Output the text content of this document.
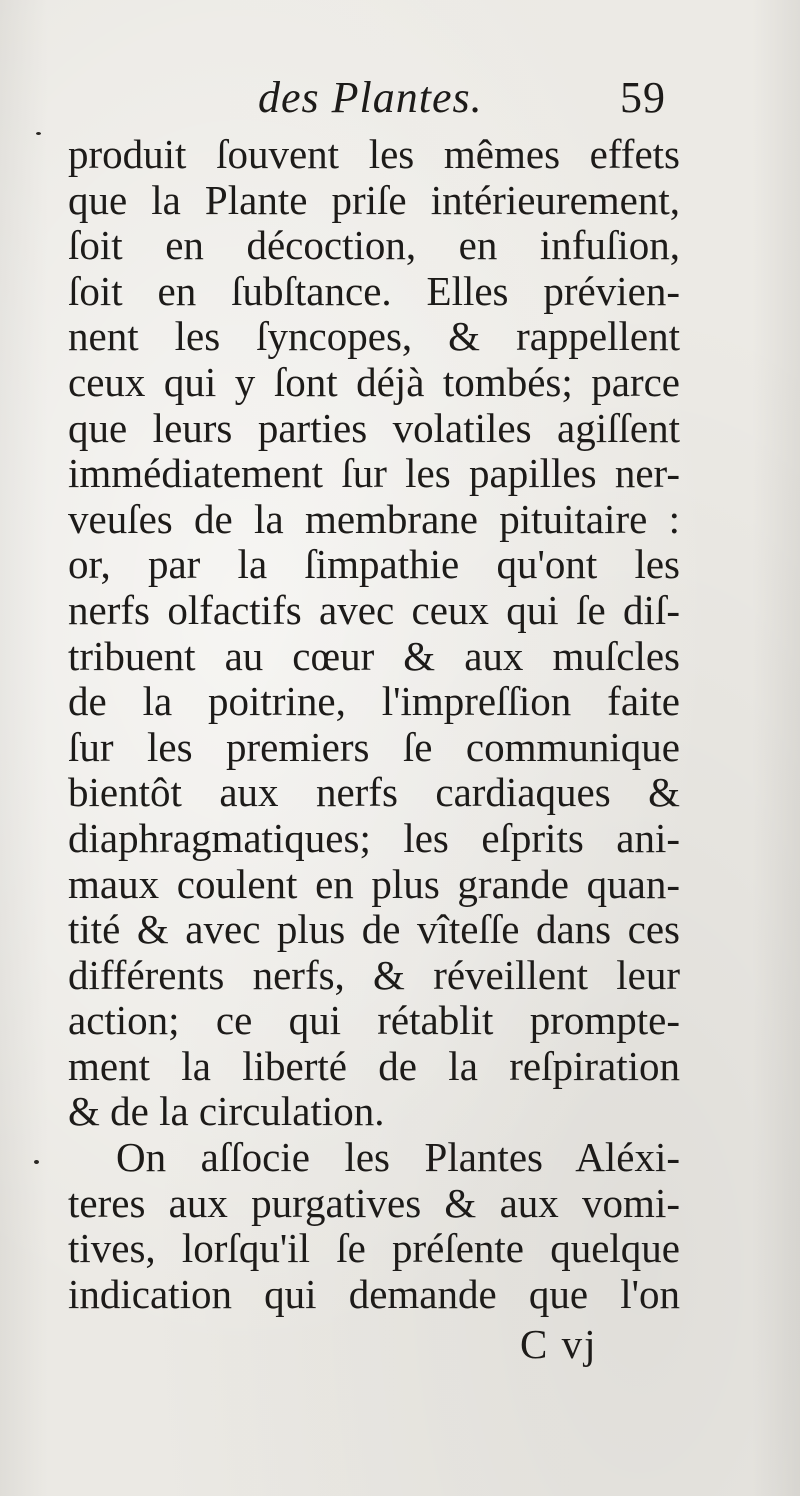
des Plantes.	59
produit ſouvent les mêmes effets
que la Plante priſe intérieurement,
ſoit en décoction, en infuſion,
ſoit en ſubſtance. Elles prévien-
nent les ſyncopes, & rappellent
ceux qui y ſont déjà tombés; parce
que leurs parties volatiles agiſſent
immédiatement ſur les papilles ner-
veuſes de la membrane pituitaire :
or, par la ſimpathie qu'ont les
nerfs olfactifs avec ceux qui ſe diſ-
tribuent au cœur & aux muſcles
de la poitrine, l'impreſſion faite
ſur les premiers ſe communique
bientôt aux nerfs cardiaques &
diaphragmatiques; les eſprits ani-
maux coulent en plus grande quan-
tité & avec plus de vîteſſe dans ces
différents nerfs, & réveillent leur
action; ce qui rétablit prompte-
ment la liberté de la reſpiration
& de la circulation.
On aſſocie les Plantes Aléxi-
teres aux purgatives & aux vomi-
tives, lorſqu'il ſe préſente quelque
indication qui demande que l'on
C vj
